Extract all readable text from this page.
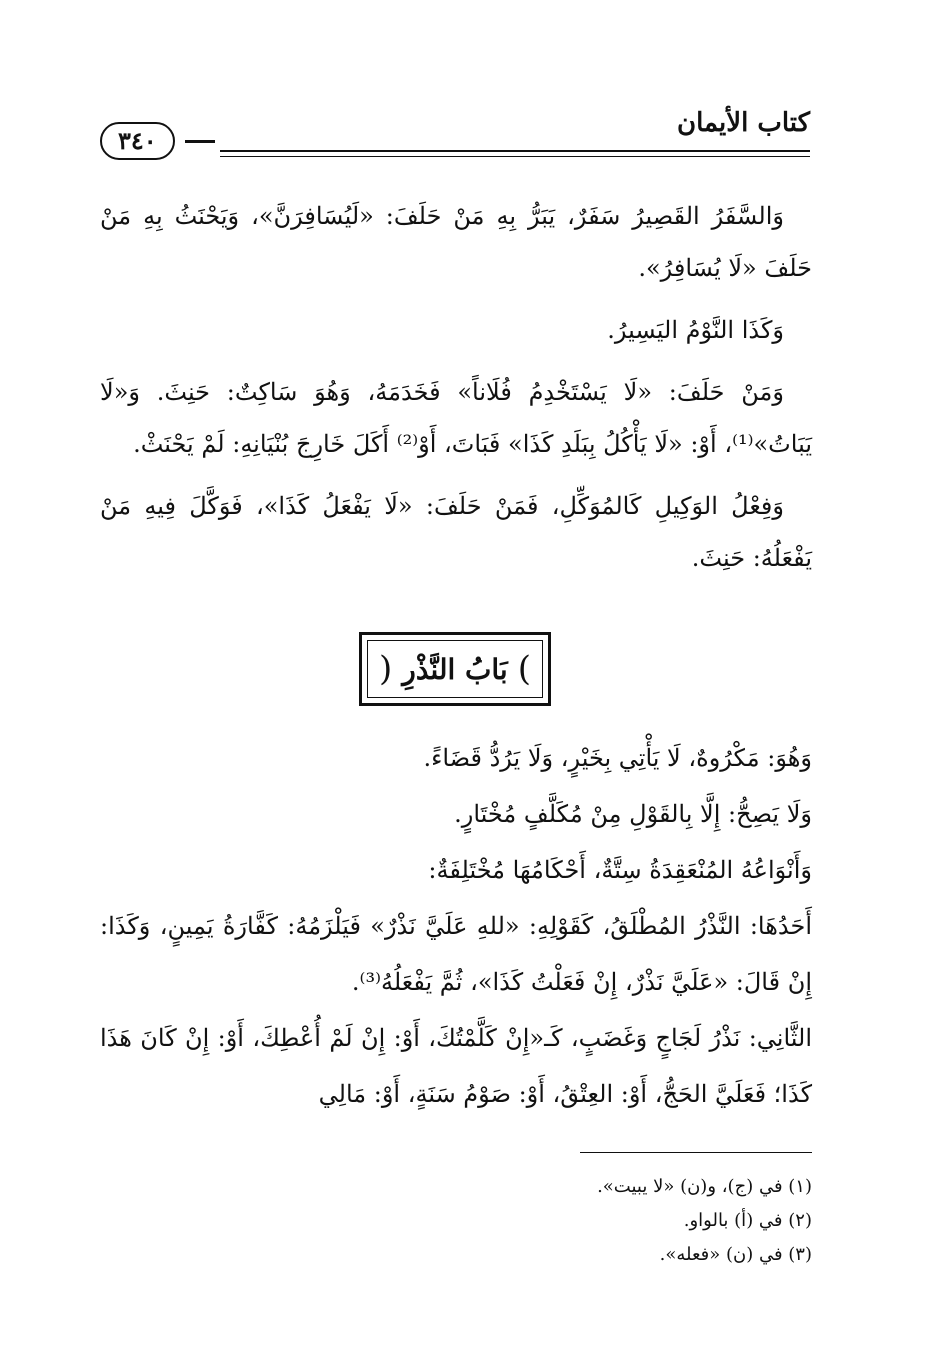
٣٤٠
كتاب الأيمان

وَالسَّفَرُ القَصِيرُ سَفَرٌ، يَبَرُّ بِهِ مَنْ حَلَفَ: «لَيُسَافِرَنَّ»، وَيَحْنَثُ بِهِ مَنْ حَلَفَ «لَا يُسَافِرُ».

وَكَذَا النَّوْمُ اليَسِيرُ.

وَمَنْ حَلَفَ: «لَا يَسْتَخْدِمُ فُلَاناً» فَخَدَمَهُ، وَهُوَ سَاكِتٌ: حَنِثَ. وَ«لَا يَبَاتُ»⁽¹⁾، أَوْ: «لَا يَأْكُلُ بِبَلَدِ كَذَا» فَبَاتَ، أَوْ⁽²⁾ أَكَلَ خَارِجَ بُنْيَانِهِ: لَمْ يَحْنَثْ.

وَفِعْلُ الوَكِيلِ كَالمُوَكِّلِ، فَمَنْ حَلَفَ: «لَا يَفْعَلُ كَذَا»، فَوَكَّلَ فِيهِ مَنْ يَفْعَلُهُ: حَنِثَ.

)
بَابُ النَّذْرِ
(

وَهُوَ: مَكْرُوهٌ، لَا يَأْتِي بِخَيْرٍ، وَلَا يَرُدُّ قَضَاءً.

وَلَا يَصِحُّ: إِلَّا بِالقَوْلِ مِنْ مُكَلَّفٍ مُخْتَارٍ.

وَأَنْوَاعُهُ المُنْعَقِدَةُ سِتَّةٌ، أَحْكَامُهَا مُخْتَلِفَةٌ:

أَحَدُهَا: النَّذْرُ المُطْلَقُ، كَقَوْلِهِ: «للهِ عَلَيَّ نَذْرٌ» فَيَلْزَمُهُ: كَفَّارَةُ يَمِينٍ، وَكَذَا: إِنْ قَالَ: «عَلَيَّ نَذْرٌ، إِنْ فَعَلْتُ كَذَا»، ثُمَّ يَفْعَلُهُ⁽³⁾.

الثَّانِي: نَذْرُ لَجَاجٍ وَغَضَبٍ، كَـ«إِنْ كَلَّمْتُكَ، أَوْ: إِنْ لَمْ أُعْطِكَ، أَوْ: إِنْ كَانَ هَذَا كَذَا؛ فَعَلَيَّ الحَجُّ، أَوْ: العِتْقُ، أَوْ: صَوْمُ سَنَةٍ، أَوْ: مَالِي

(١) في (ج)، و(ن) «لا يبيت».
(٢) في (أ) بالواو.
(٣) في (ن) «فعله».
